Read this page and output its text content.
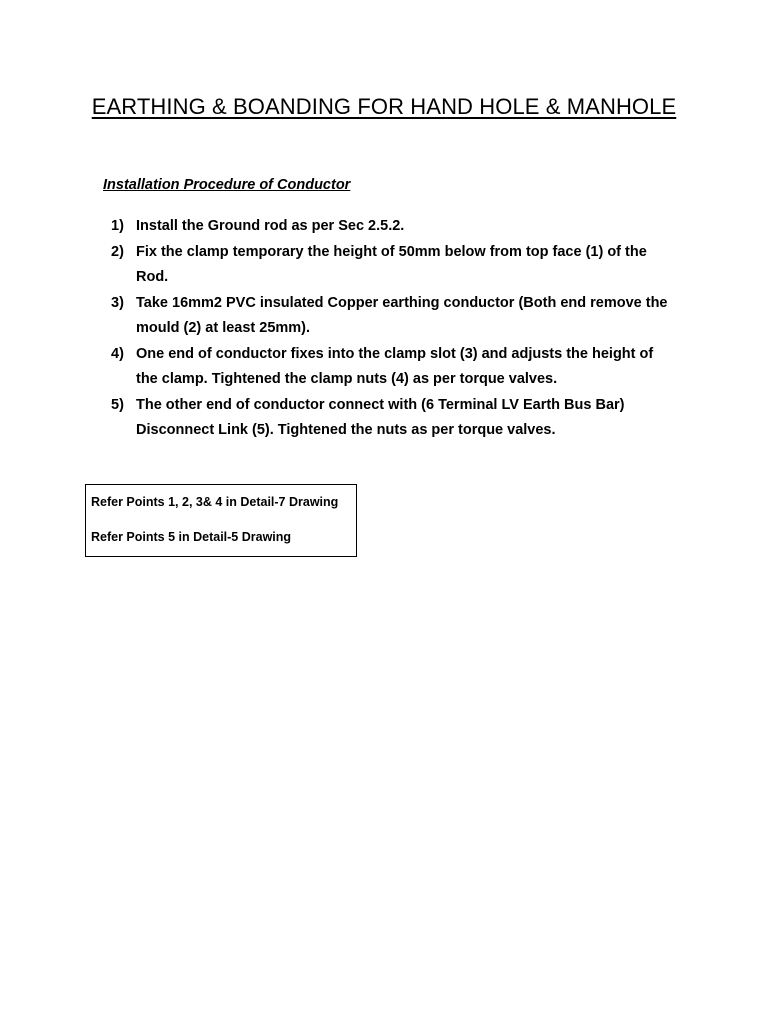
EARTHING & BOANDING FOR HAND HOLE & MANHOLE
Installation Procedure of Conductor
1) Install the Ground rod as per Sec 2.5.2.
2) Fix the clamp temporary the height of 50mm below from top face (1) of the Rod.
3) Take 16mm2 PVC insulated Copper earthing conductor (Both end remove the mould (2) at least 25mm).
4) One end of conductor fixes into the clamp slot (3) and adjusts the height of the clamp. Tightened the clamp nuts (4) as per torque valves.
5) The other end of conductor connect with (6 Terminal LV Earth Bus Bar) Disconnect Link (5). Tightened the nuts as per torque valves.
Refer Points 1, 2, 3& 4 in Detail-7 Drawing
Refer Points 5 in Detail-5 Drawing
